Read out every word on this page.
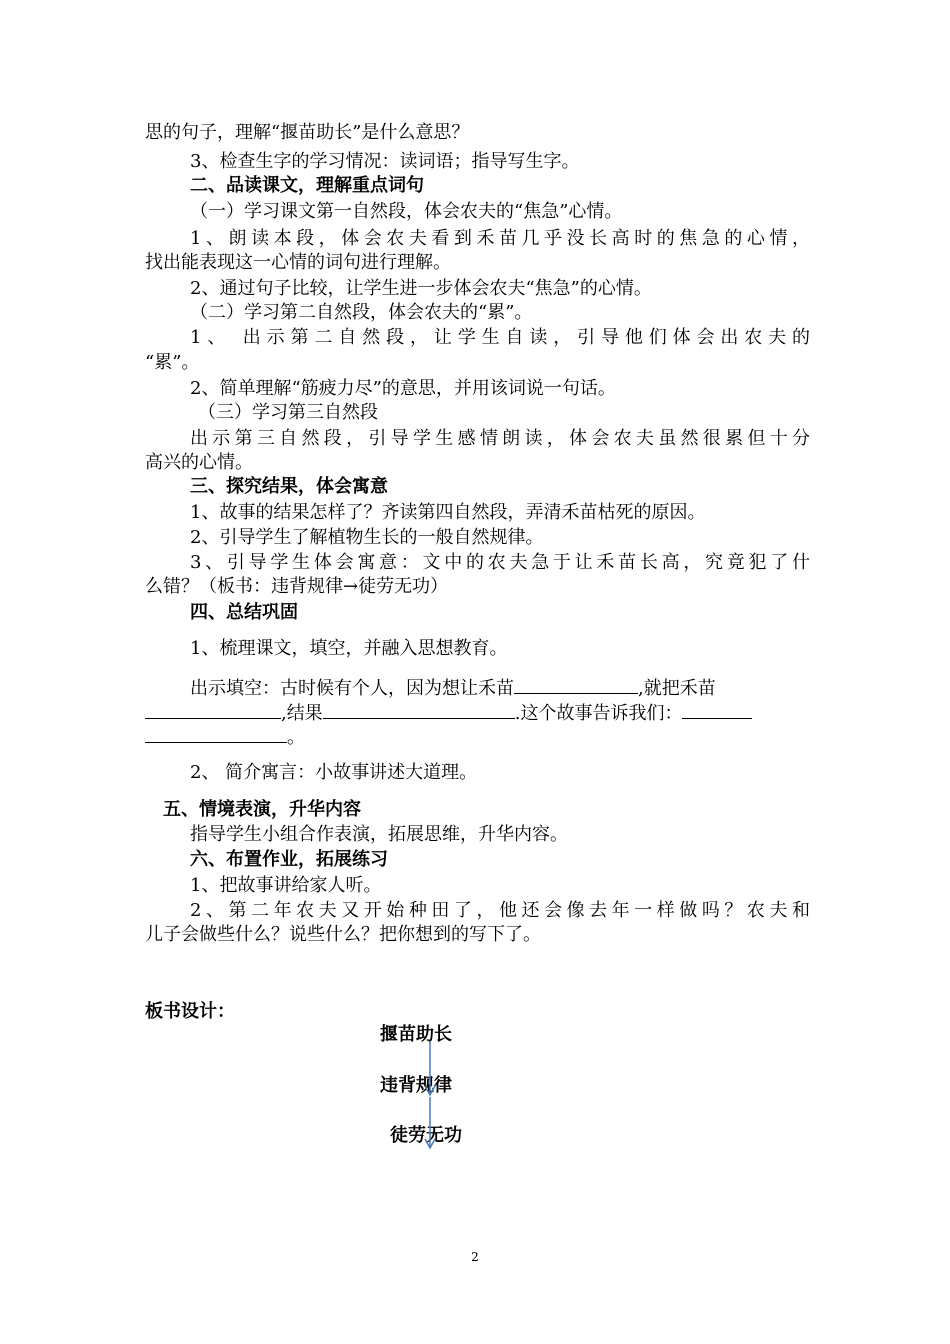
思的句子，理解“揠苗助长”是什么意思？
3、检查生字的学习情况：读词语；指导写生字。
二、品读课文，理解重点词句
（一）学习课文第一自然段，体会农夫的“焦急”心情。
1、朗读本段，体会农夫看到禾苗几乎没长高时的焦急的心情，
找出能表现这一心情的词句进行理解。
2、通过句子比较，让学生进一步体会农夫“焦急”的心情。
（二）学习第二自然段，体会农夫的“累”。
1、 出示第二自然段，让学生自读，引导他们体会出农夫的
“累”。
2、简单理解“筋疲力尽”的意思，并用该词说一句话。
（三）学习第三自然段
出示第三自然段，引导学生感情朗读，体会农夫虽然很累但十分
高兴的心情。
三、探究结果，体会寓意
1、故事的结果怎样了？齐读第四自然段，弄清禾苗枯死的原因。
2、引导学生了解植物生长的一般自然规律。
3、引导学生体会寓意：文中的农夫急于让禾苗长高，究竟犯了什
么错？（板书：违背规律→徒劳无功）
四、总结巩固
1、梳理课文，填空，并融入思想教育。
出示填空：古时候有个人，因为想让禾苗	,就把禾苗
,结果	.这个故事告诉我们：
。
2、 简介寓言：小故事讲述大道理。
五、情境表演，升华内容
指导学生小组合作表演，拓展思维，升华内容。
六、布置作业，拓展练习
1、把故事讲给家人听。
2、第二年农夫又开始种田了，他还会像去年一样做吗？农夫和
儿子会做些什么？说些什么？把你想到的写下了。
板书设计：
揠苗助长
违背规律
徒劳无功
2
